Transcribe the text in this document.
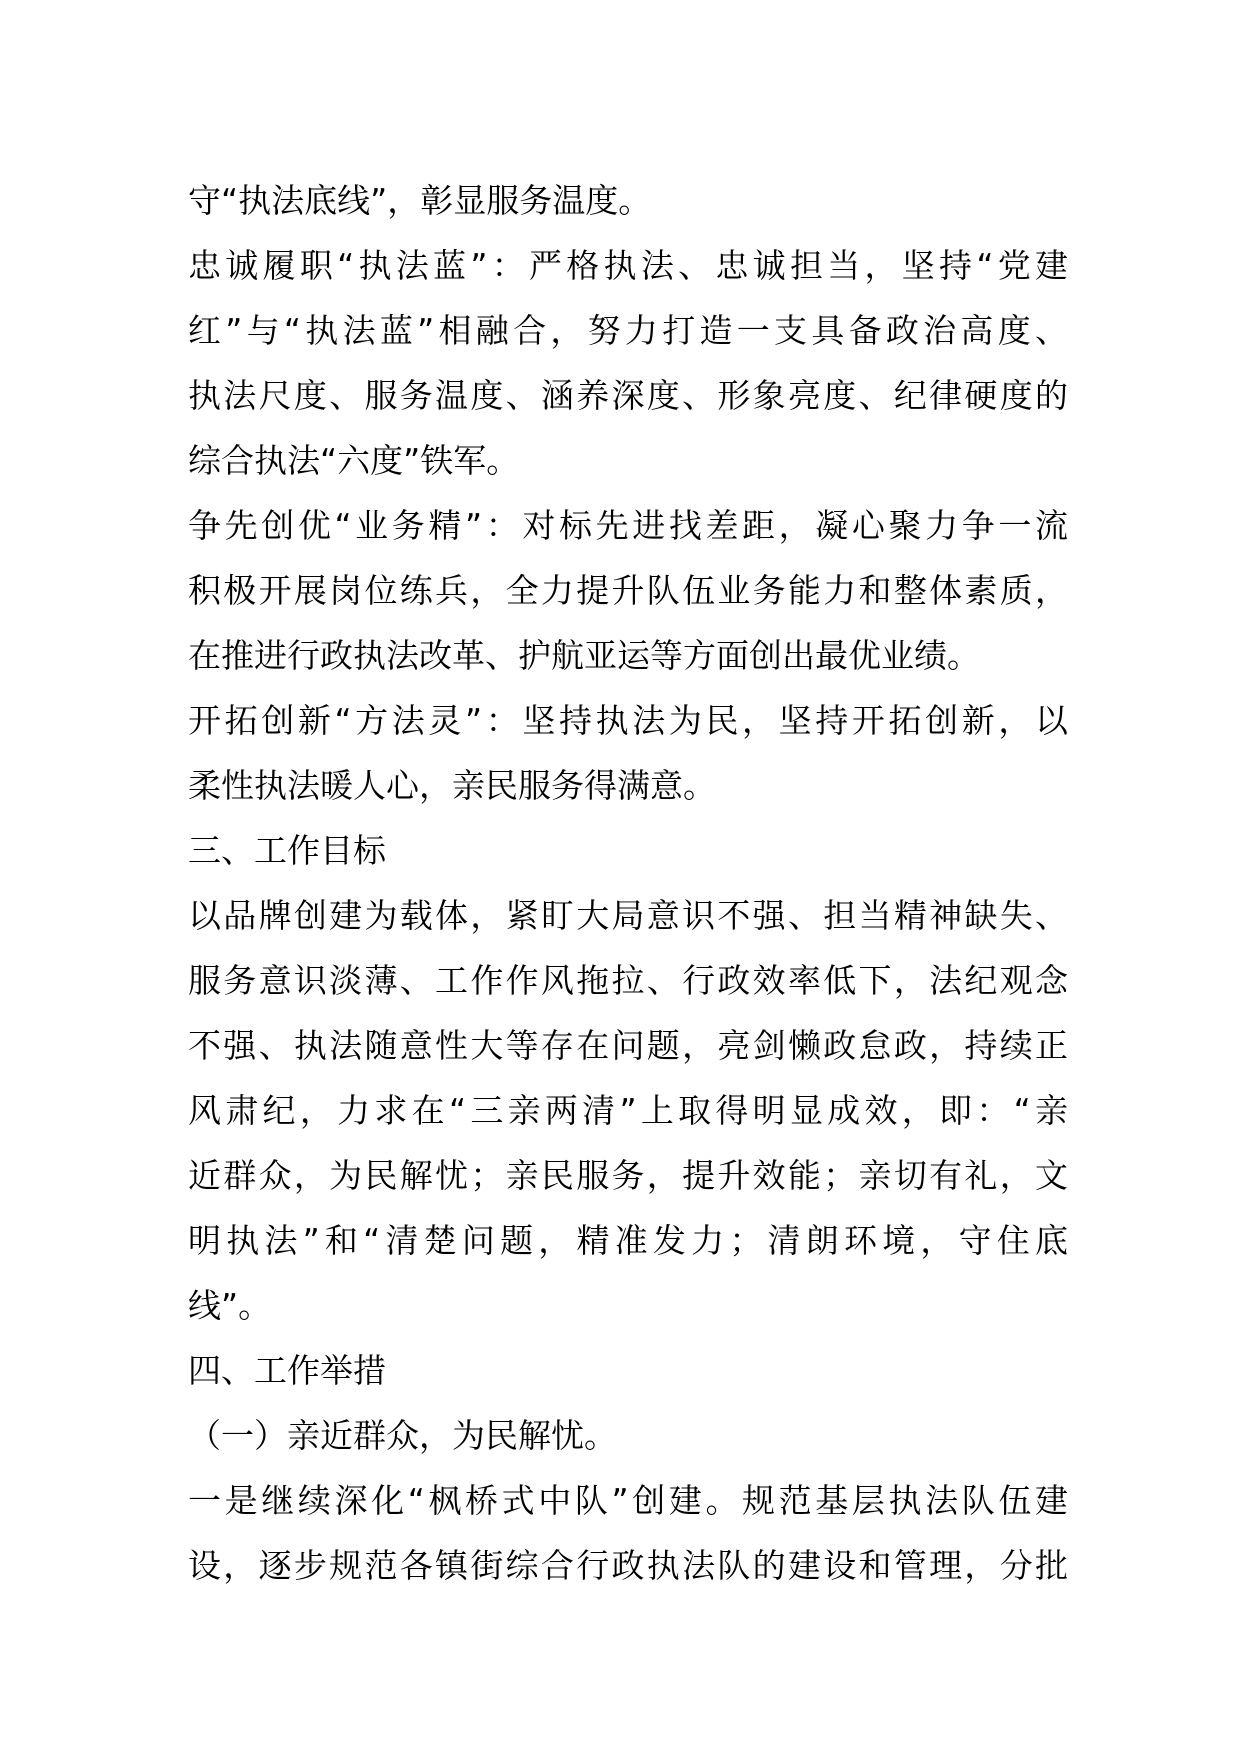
守“执法底线”，彰显服务温度。
忠诚履职“执法蓝”：严格执法、忠诚担当，坚持“党建
红”与“执法蓝”相融合，努力打造一支具备政治高度、
执法尺度、服务温度、涵养深度、形象亮度、纪律硬度的
综合执法“六度”铁军。
争先创优“业务精”：对标先进找差距，凝心聚力争一流
积极开展岗位练兵，全力提升队伍业务能力和整体素质，
在推进行政执法改革、护航亚运等方面创出最优业绩。
开拓创新“方法灵”：坚持执法为民，坚持开拓创新，以
柔性执法暖人心，亲民服务得满意。
三、工作目标
以品牌创建为载体，紧盯大局意识不强、担当精神缺失、
服务意识淡薄、工作作风拖拉、行政效率低下，法纪观念
不强、执法随意性大等存在问题，亮剑懒政怠政，持续正
风肃纪，力求在“三亲两清”上取得明显成效，即：“亲
近群众，为民解忧；亲民服务，提升效能；亲切有礼，文
明执法”和“清楚问题，精准发力；清朗环境，守住底
线”。
四、工作举措
（一）亲近群众，为民解忧。
一是继续深化“枫桥式中队”创建。规范基层执法队伍建
设，逐步规范各镇街综合行政执法队的建设和管理，分批
